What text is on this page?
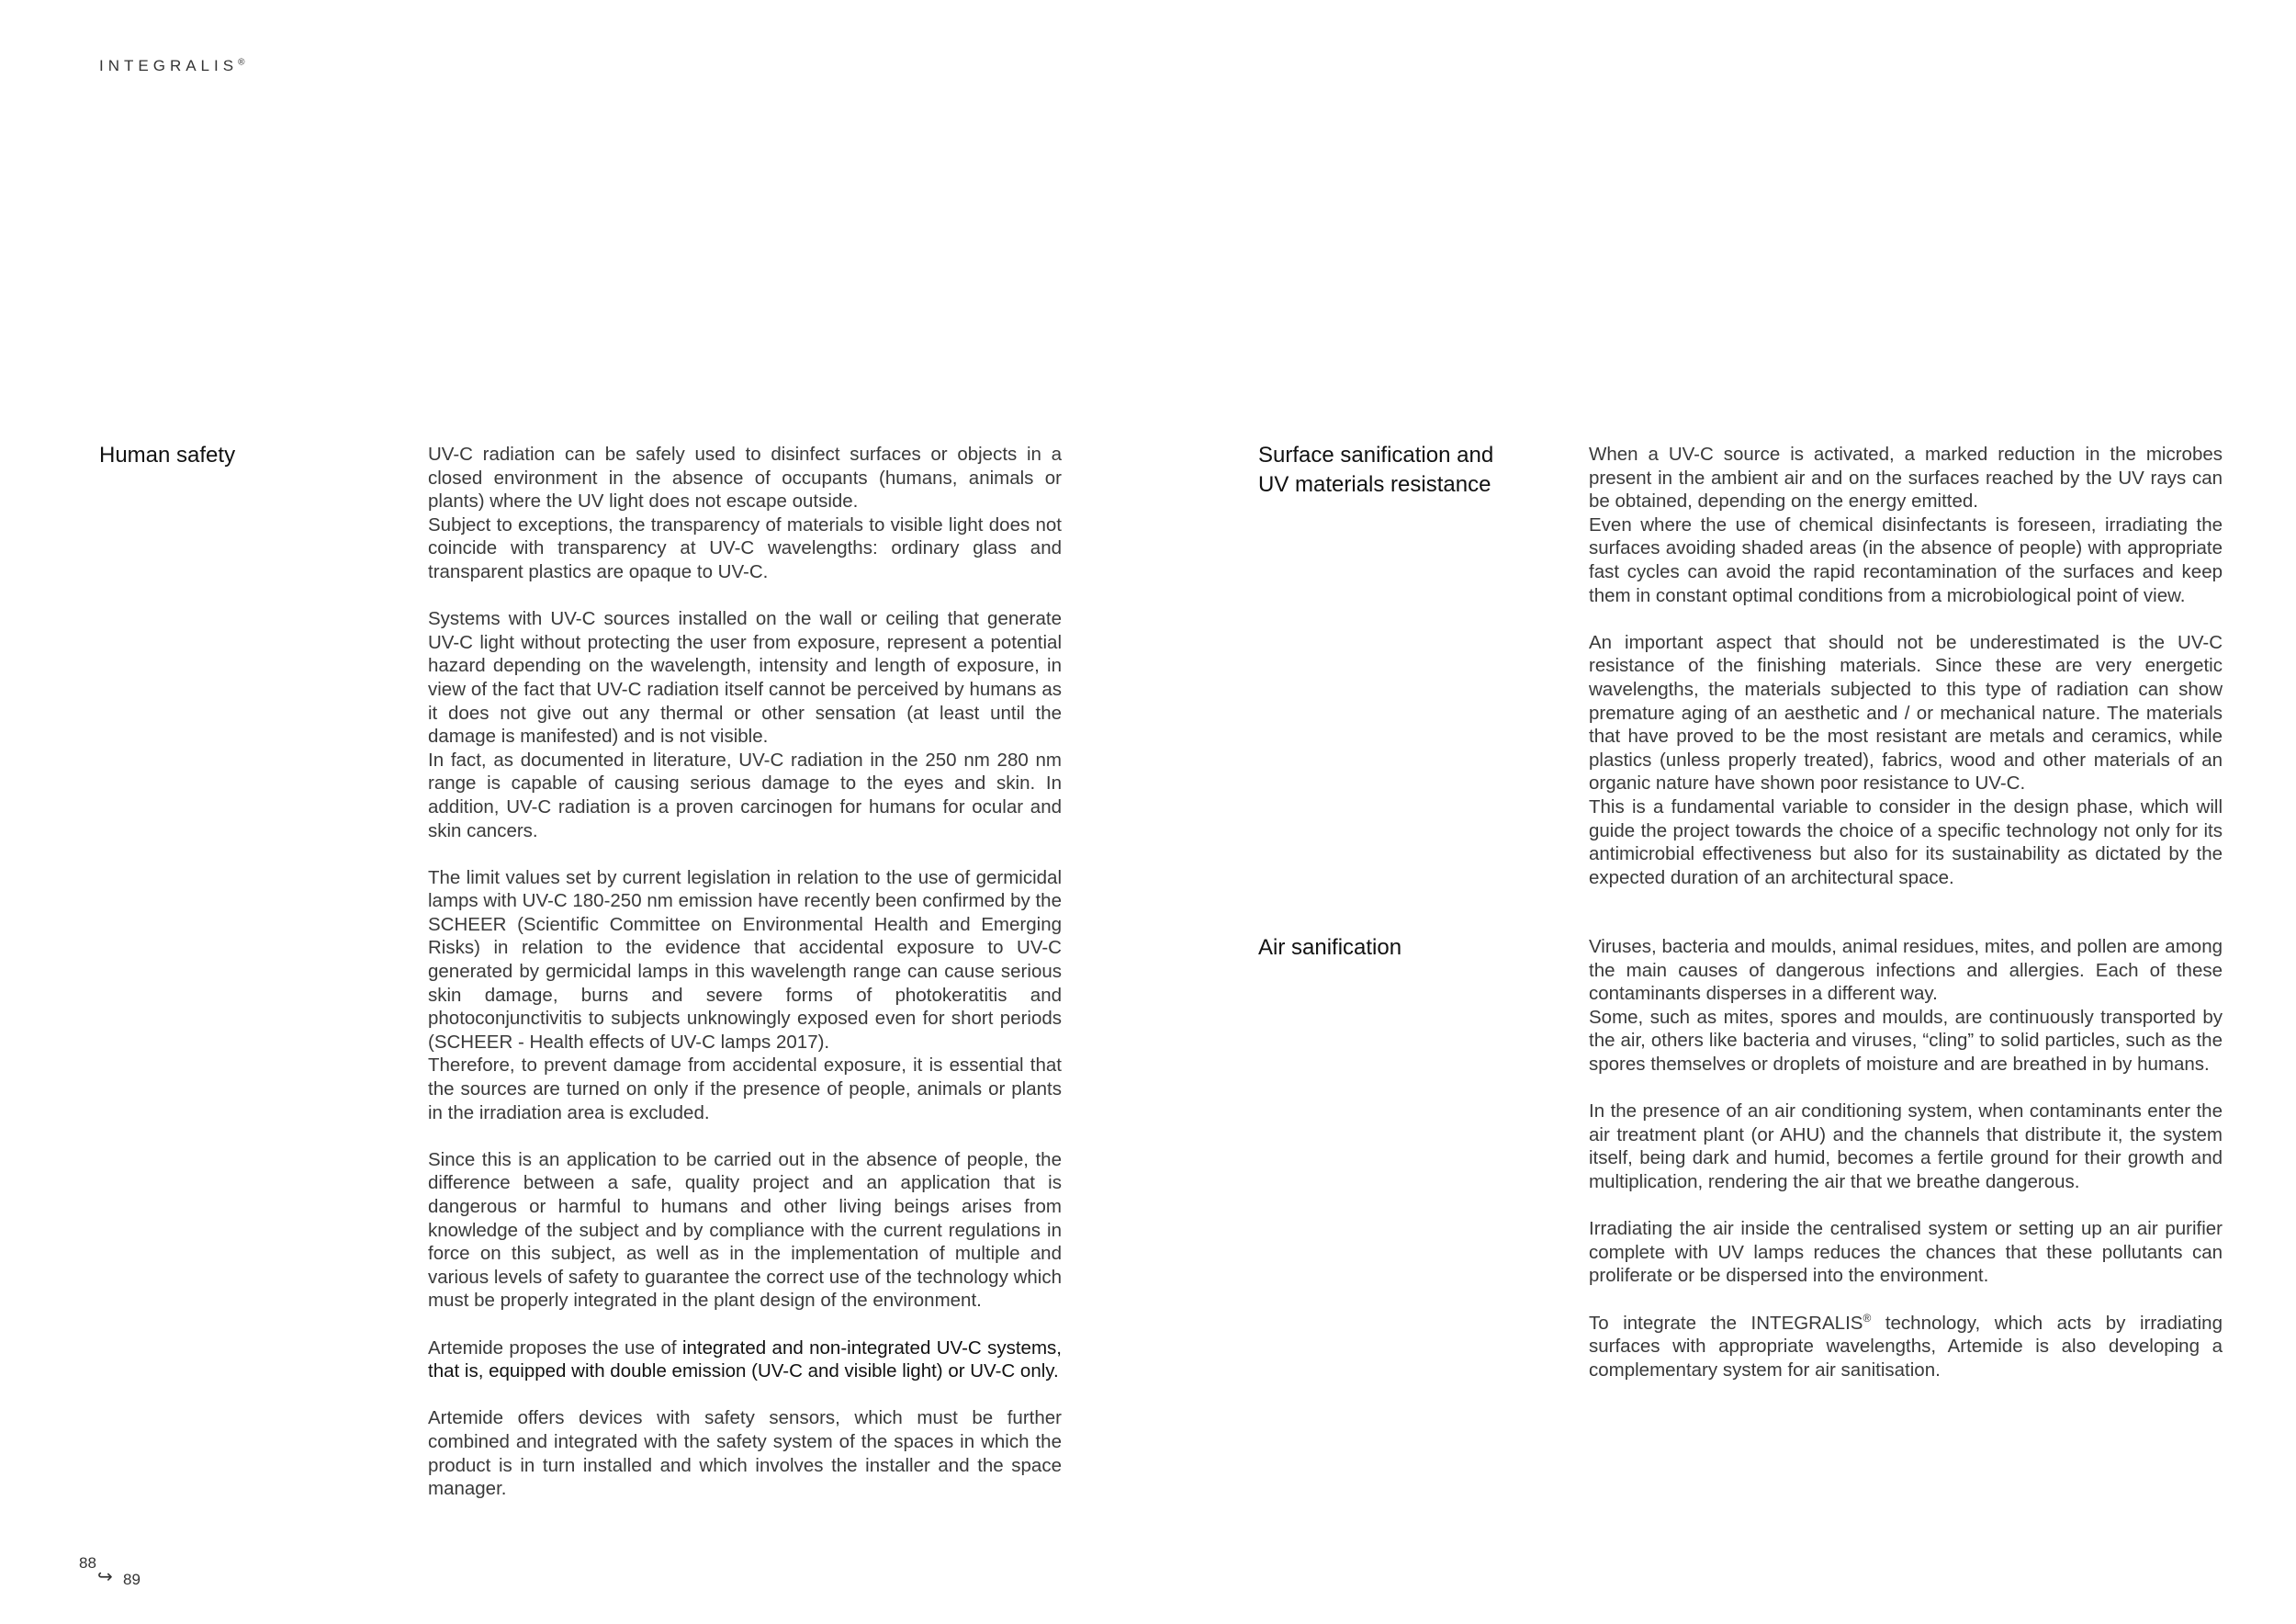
INTEGRALIS®
Human safety	UV-C radiation can be safely used to disinfect surfaces or objects in a closed environment in the absence of occupants (humans, animals or plants) where the UV light does not escape outside.

Subject to exceptions, the transparency of materials to visible light does not coincide with transparency at UV-C wavelengths: ordinary glass and transparent plastics are opaque to UV-C.

Systems with UV-C sources installed on the wall or ceiling that generate UV-C light without protecting the user from exposure, represent a potential hazard depending on the wavelength, intensity and length of exposure, in view of the fact that UV-C radiation itself cannot be perceived by humans as it does not give out any thermal or other sensation (at least until the damage is manifested) and is not visible.

In fact, as documented in literature, UV-C radiation in the 250 nm 280 nm range is capable of causing serious damage to the eyes and skin. In addition, UV-C radiation is a proven carcinogen for humans for ocular and skin cancers.

The limit values set by current legislation in relation to the use of germicidal lamps with UV-C 180-250 nm emission have recently been confirmed by the SCHEER (Scientific Committee on Environmental Health and Emerging Risks) in relation to the evidence that accidental exposure to UV-C generated by germicidal lamps in this wavelength range can cause serious skin damage, burns and severe forms of photokeratitis and photoconjunctivitis to subjects unknowingly exposed even for short periods (SCHEER - Health effects of UV-C lamps 2017).

Therefore, to prevent damage from accidental exposure, it is essential that the sources are turned on only if the presence of people, animals or plants in the irradiation area is excluded.

Since this is an application to be carried out in the absence of people, the difference between a safe, quality project and an application that is dangerous or harmful to humans and other living beings arises from knowledge of the subject and by compliance with the current regulations in force on this subject, as well as in the implementation of multiple and various levels of safety to guarantee the correct use of the technology which must be properly integrated in the plant design of the environment.

Artemide proposes the use of integrated and non-integrated UV-C systems, that is, equipped with double emission (UV-C and visible light) or UV-C only.

Artemide offers devices with safety sensors, which must be further combined and integrated with the safety system of the spaces in which the product is in turn installed and which involves the installer and the space manager.

Surface sanification and
UV materials resistance

When a UV-C source is activated, a marked reduction in the microbes present in the ambient air and on the surfaces reached by the UV rays can be obtained, depending on the energy emitted.

Even where the use of chemical disinfectants is foreseen, irradiating the surfaces avoiding shaded areas (in the absence of people) with appropriate fast cycles can avoid the rapid recontamination of the surfaces and keep them in constant optimal conditions from a microbiological point of view.

An important aspect that should not be underestimated is the UV-C resistance of the finishing materials. Since these are very energetic wavelengths, the materials subjected to this type of radiation can show premature aging of an aesthetic and / or mechanical nature. The materials that have proved to be the most resistant are metals and ceramics, while plastics (unless properly treated), fabrics, wood and other materials of an organic nature have shown poor resistance to UV-C.

This is a fundamental variable to consider in the design phase, which will guide the project towards the choice of a specific technology not only for its antimicrobial effectiveness but also for its sustainability as dictated by the expected duration of an architectural space.

Air sanification	Viruses, bacteria and moulds, animal residues, mites, and pollen are among the main causes of dangerous infections and allergies. Each of these contaminants disperses in a different way.

Some, such as mites, spores and moulds, are continuously transported by the air, others like bacteria and viruses, “cling” to solid particles, such as the spores themselves or droplets of moisture and are breathed in by humans.

In the presence of an air conditioning system, when contaminants enter the air treatment plant (or AHU) and the channels that distribute it, the system itself, being dark and humid, becomes a fertile ground for their growth and multiplication, rendering the air that we breathe dangerous.

Irradiating the air inside the centralised system or setting up an air purifier complete with UV lamps reduces the chances that these pollutants can proliferate or be dispersed into the environment.

To integrate the INTEGRALIS® technology, which acts by irradiating surfaces with appropriate wavelengths, Artemide is also developing a complementary system for air sanitisation.

88
↪ 89
